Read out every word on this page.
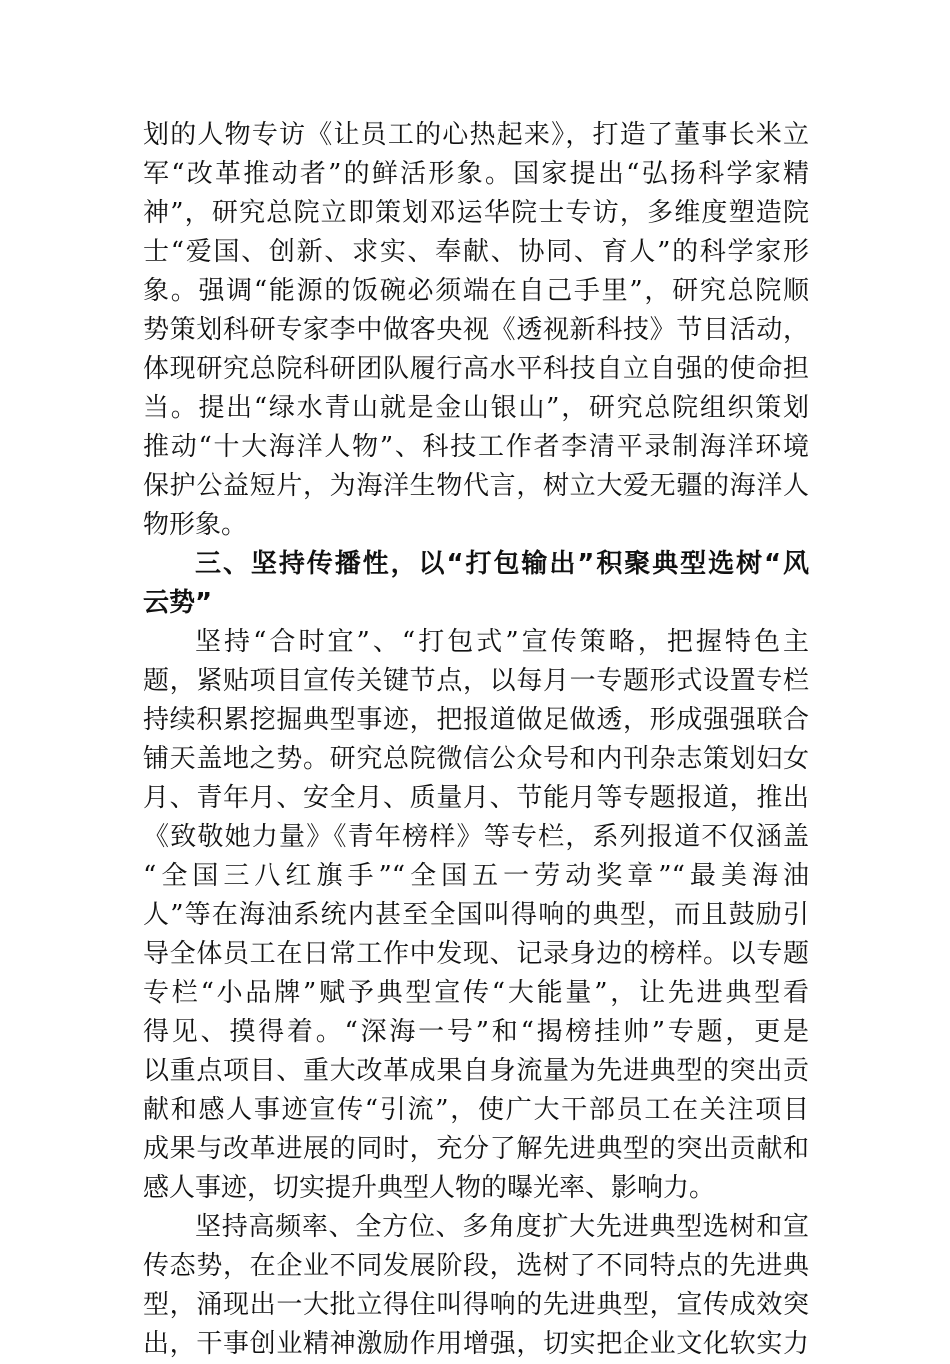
划的人物专访《让员工的心热起来》，打造了董事长米立
军“改革推动者”的鲜活形象。国家提出“弘扬科学家精
神”，研究总院立即策划邓运华院士专访，多维度塑造院
士“爱国、创新、求实、奉献、协同、育人”的科学家形
象。强调“能源的饭碗必须端在自己手里”，研究总院顺
势策划科研专家李中做客央视《透视新科技》节目活动，
体现研究总院科研团队履行高水平科技自立自强的使命担
当。提出“绿水青山就是金山银山”，研究总院组织策划
推动“十大海洋人物”、科技工作者李清平录制海洋环境
保护公益短片，为海洋生物代言，树立大爱无疆的海洋人
物形象。
三、坚持传播性，以“打包输出”积聚典型选树“风
云势”
坚持“合时宜”、“打包式”宣传策略，把握特色主
题，紧贴项目宣传关键节点，以每月一专题形式设置专栏
持续积累挖掘典型事迹，把报道做足做透，形成强强联合
铺天盖地之势。研究总院微信公众号和内刊杂志策划妇女
月、青年月、安全月、质量月、节能月等专题报道，推出
《致敬她力量》《青年榜样》等专栏，系列报道不仅涵盖
“全国三八红旗手”“全国五一劳动奖章”“最美海油
人”等在海油系统内甚至全国叫得响的典型，而且鼓励引
导全体员工在日常工作中发现、记录身边的榜样。以专题
专栏“小品牌”赋予典型宣传“大能量”，让先进典型看
得见、摸得着。“深海一号”和“揭榜挂帅”专题，更是
以重点项目、重大改革成果自身流量为先进典型的突出贡
献和感人事迹宣传“引流”，使广大干部员工在关注项目
成果与改革进展的同时，充分了解先进典型的突出贡献和
感人事迹，切实提升典型人物的曝光率、影响力。
坚持高频率、全方位、多角度扩大先进典型选树和宣
传态势，在企业不同发展阶段，选树了不同特点的先进典
型，涌现出一大批立得住叫得响的先进典型，宣传成效突
出，干事创业精神激励作用增强，切实把企业文化软实力
